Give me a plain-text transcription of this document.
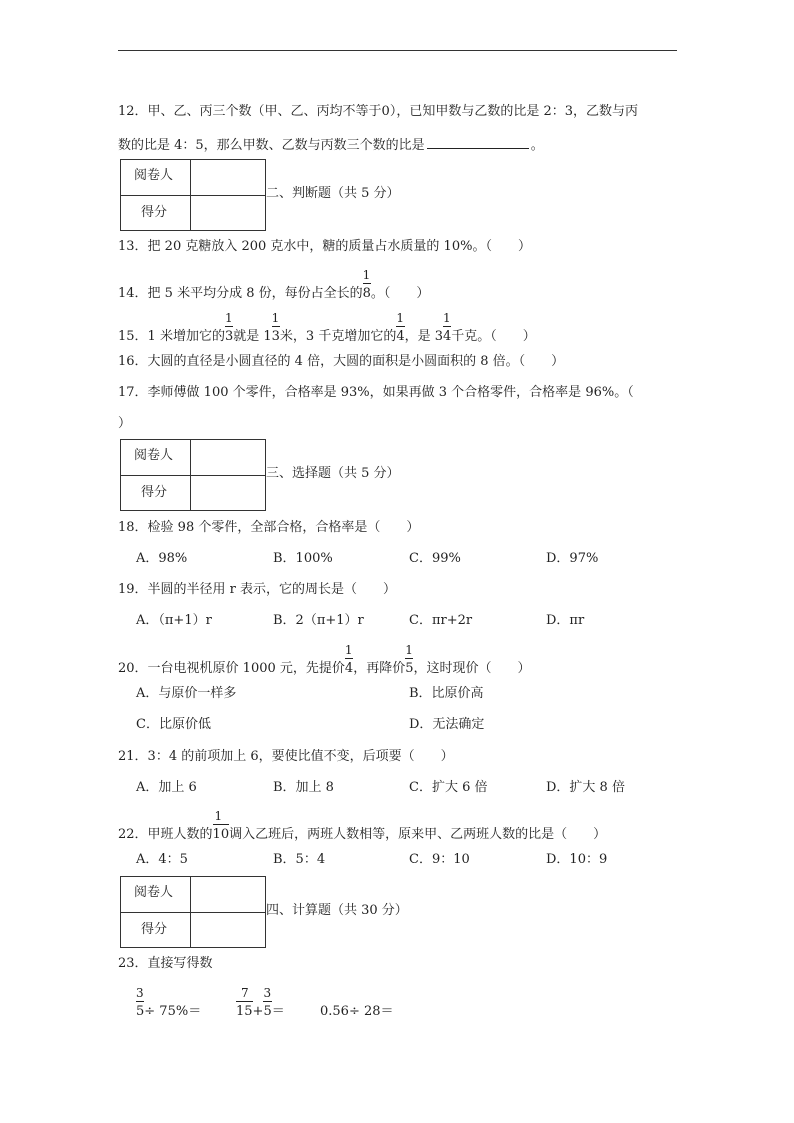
12．甲、乙、丙三个数（甲、乙、丙均不等于0），已知甲数与乙数的比是 2：3，乙数与丙
数的比是 4：5，那么甲数、乙数与丙数三个数的比是	。
阅卷人
得分
二、判断题（共 5 分）
13．把 20 克糖放入 200 克水中，糖的质量占水质量的 10%。（　　）
14．把 5 米平均分成 8 份，每份占全长的 $\frac{1}{8}$。（　　）
15．1 米增加它的 $\frac{1}{3}$就是 $1 \frac{1}{3}$米，3 千克增加它的 $\frac{1}{4}$，是 $3 \frac{1}{4}$千克。（　　）
16．大圆的直径是小圆直径的 4 倍，大圆的面积是小圆面积的 8 倍。（　　）
17．李师傅做 100 个零件，合格率是 93%，如果再做 3 个合格零件，合格率是 96%。（
）
阅卷人
得分
三、选择题（共 5 分）
18．检验 98 个零件，全部合格，合格率是（　　）
A．98%	B．100%	C．99%	D．97%
19．半圆的半径用 r 表示，它的周长是（　　）
A．（π+1）r	B．2（π+1）r	C．πr+2r	D．πr
20．一台电视机原价 1000 元，先提价 $\frac{1}{4}$，再降价 $\frac{1}{5}$，这时现价（　　）
A．与原价一样多	B．比原价高
C．比原价低	D．无法确定
21．3：4 的前项加上 6，要使比值不变，后项要（　　）
A．加上 6	B．加上 8	C．扩大 6 倍	D．扩大 8 倍
22．甲班人数的 $\frac{1}{10}$调入乙班后，两班人数相等，原来甲、乙两班人数的比是（　　）
A．4：5	B．5：4	C．9：10	D．10：9
阅卷人
得分
四、计算题（共 30 分）
23．直接写得数
$\frac{3}{5}\div 75\%=$	$\frac{7}{15}+ \frac{3}{5}=$	0.56÷ 28＝
